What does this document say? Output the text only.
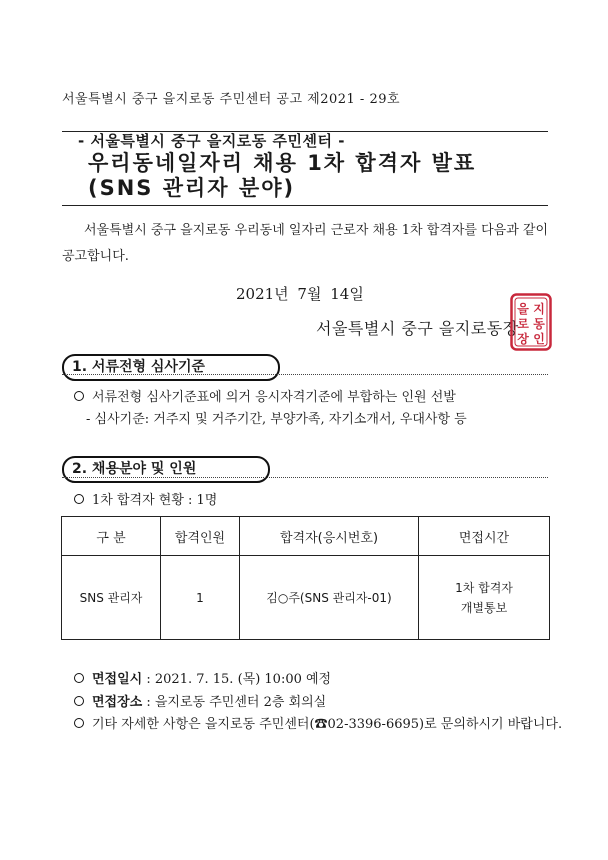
서울특별시 중구 을지로동 주민센터 공고 제2021 - 29호
- 서울특별시 중구 을지로동 주민센터 -
우리동네일자리 채용 1차 합격자 발표
(SNS 관리자 분야)
서울특별시 중구 을지로동 우리동네 일자리 근로자 채용 1차 합격자를 다음과 같이 공고합니다.
2021년 7월 14일
서울특별시 중구 을지로동장
을 지
로 동
장 인
1. 서류전형 심사기준
서류전형 심사기준표에 의거 응시자격기준에 부합하는 인원 선발
- 심사기준: 거주지 및 거주기간, 부양가족, 자기소개서, 우대사항 등
2. 채용분야 및 인원
1차 합격자 현황 : 1명
구 분	합격인원	합격자(응시번호)	면접시간
SNS 관리자	1	김○주(SNS 관리자-01)	1차 합격자
개별통보
면접일시 : 2021. 7. 15. (목) 10:00 예정
면접장소 : 을지로동 주민센터 2층 회의실
기타 자세한 사항은 을지로동 주민센터(☎02-3396-6695)로 문의하시기 바랍니다.
